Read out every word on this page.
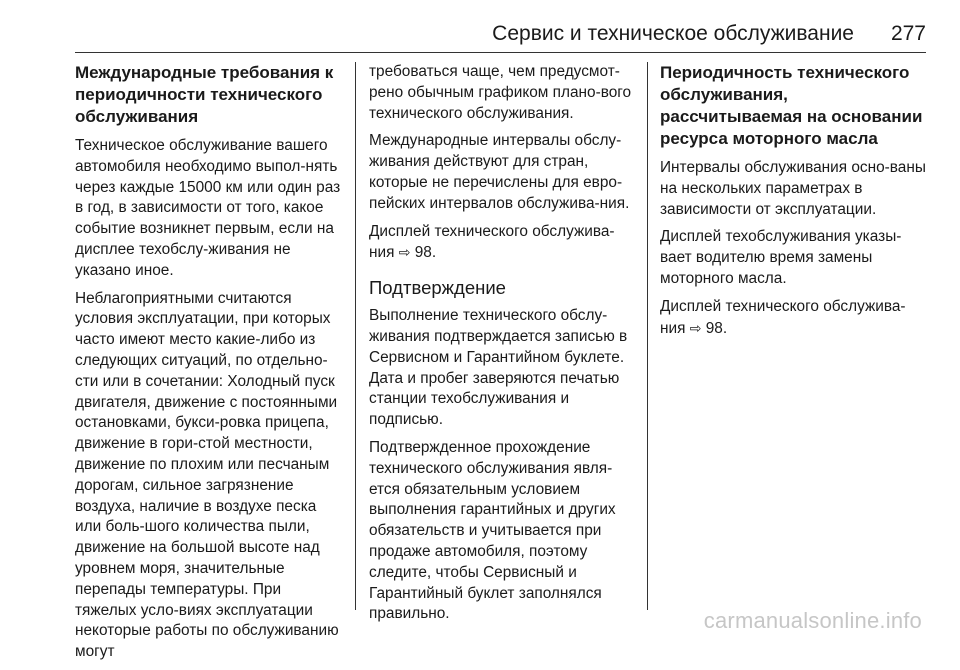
Сервис и техническое обслуживание 277
Международные требования к периодичности технического обслуживания

Техническое обслуживание вашего автомобиля необходимо выпол-нять через каждые 15000 км или один раз в год, в зависимости от того, какое событие возникнет первым, если на дисплее техобслу-живания не указано иное.

Неблагоприятными считаются условия эксплуатации, при которых часто имеют место какие-либо из следующих ситуаций, по отдельно-сти или в сочетании: Холодный пуск двигателя, движение с постоянными остановками, букси-ровка прицепа, движение в гори-стой местности, движение по плохим или песчаным дорогам, сильное загрязнение воздуха, наличие в воздухе песка или боль-шого количества пыли, движение на большой высоте над уровнем моря, значительные перепады температуры. При тяжелых усло-виях эксплуатации некоторые работы по обслуживанию могут

требоваться чаще, чем предусмот-рено обычным графиком плано-вого технического обслуживания.

Международные интервалы обслу-живания действуют для стран, которые не перечислены для евро-пейских интервалов обслужива-ния.

Дисплей технического обслужива-ния ⇨ 98.

Подтверждение

Выполнение технического обслу-живания подтверждается записью в Сервисном и Гарантийном буклете. Дата и пробег заверяются печатью станции техобслуживания и подписью.

Подтвержденное прохождение технического обслуживания явля-ется обязательным условием выполнения гарантийных и других обязательств и учитывается при продаже автомобиля, поэтому следите, чтобы Сервисный и Гарантийный буклет заполнялся правильно.

Периодичность технического обслуживания, рассчитываемая на основании ресурса моторного масла

Интервалы обслуживания осно-ваны на нескольких параметрах в зависимости от эксплуатации.

Дисплей техобслуживания указы-вает водителю время замены моторного масла.

Дисплей технического обслужива-ния ⇨ 98.

carmanualsonline.info
